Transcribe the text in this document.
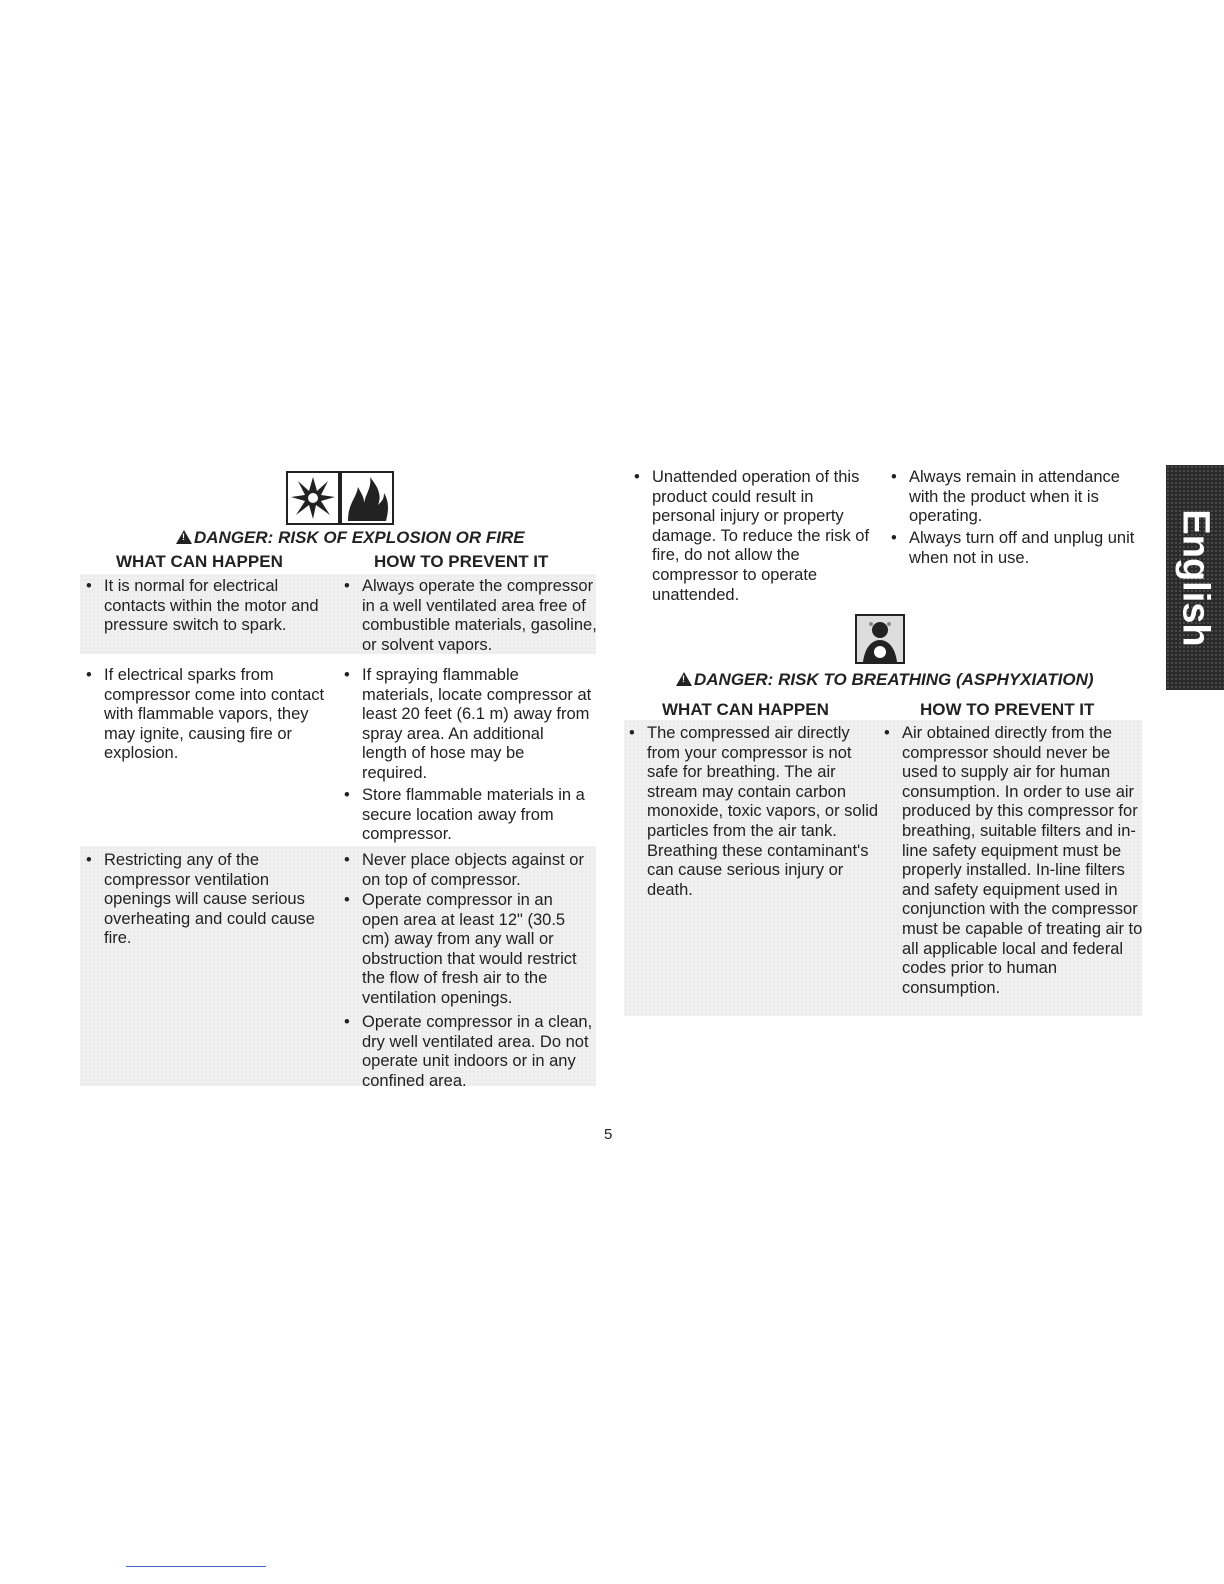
!DANGER: RISK OF EXPLOSION OR FIRE
WHAT CAN HAPPEN	HOW TO PREVENT IT
• It is normal for electrical contacts within the motor and pressure switch to spark.
• If electrical sparks from compressor come into contact with flammable vapors, they may ignite, causing fire or explosion.
• Restricting any of the compressor ventilation openings will cause serious overheating and could cause fire.
• Always operate the compressor in a well ventilated area free of combustible materials, gasoline, or solvent vapors.
• If spraying flammable materials, locate compressor at least 20 feet (6.1 m) away from spray area. An additional length of hose may be required.
• Store flammable materials in a secure location away from compressor.
• Never place objects against or on top of compressor.
• Operate compressor in an open area at least 12" (30.5 cm) away from any wall or obstruction that would restrict the flow of fresh air to the ventilation openings.
• Operate compressor in a clean, dry well ventilated area. Do not operate unit indoors or in any confined area.
• Unattended operation of this product could result in personal injury or property damage. To reduce the risk of fire, do not allow the compressor to operate unattended.
• Always remain in attendance with the product when it is operating.
• Always turn off and unplug unit when not in use.
!DANGER: RISK TO BREATHING (ASPHYXIATION)
WHAT CAN HAPPEN	HOW TO PREVENT IT
• The compressed air directly from your compressor is not safe for breathing. The air stream may contain carbon monoxide, toxic vapors, or solid particles from the air tank. Breathing these contaminant's can cause serious injury or death.
• Air obtained directly from the compressor should never be used to supply air for human consumption. In order to use air produced by this compressor for breathing, suitable filters and in-line safety equipment must be properly installed. In-line filters and safety equipment used in conjunction with the compressor must be capable of treating air to all applicable local and federal codes prior to human consumption.
English
5
